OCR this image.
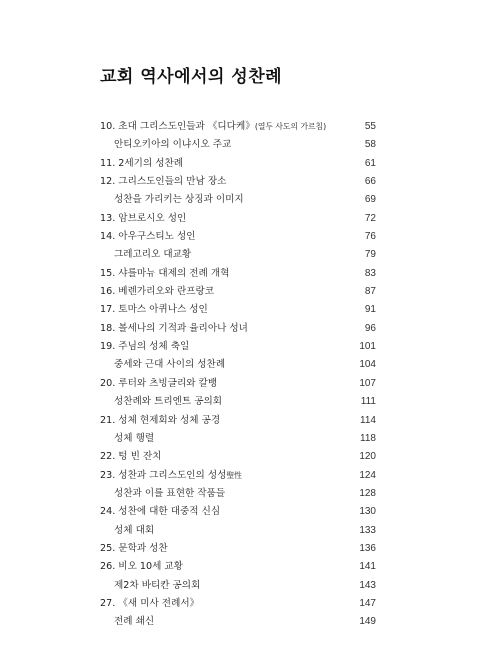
교회 역사에서의 성찬례
10. 초대 그리스도인들과 《디다케》(열두 사도의 가르침)	55
안티오키아의 이냐시오 주교	58
11. 2세기의 성찬례	61
12. 그리스도인들의 만남 장소	66
성찬을 가리키는 상징과 이미지	69
13. 암브로시오 성인	72
14. 아우구스티노 성인	76
그레고리오 대교황	79
15. 샤를마뉴 대제의 전례 개혁	83
16. 베렌가리오와 란프랑코	87
17. 토마스 아퀴나스 성인	91
18. 볼세나의 기적과 율리아나 성녀	96
19. 주님의 성체 축일	101
중세와 근대 사이의 성찬례	104
20. 루터와 츠빙글리와 칼뱅	107
성찬례와 트리엔트 공의회	111
21. 성체 현제회와 성체 공경	114
성체 행렬	118
22. 텅 빈 잔치	120
23. 성찬과 그리스도인의 성성聖性	124
성찬과 이를 표현한 작품들	128
24. 성찬에 대한 대중적 신심	130
성체 대회	133
25. 문학과 성찬	136
26. 비오 10세 교황	141
제2차 바티칸 공의회	143
27. 《새 미사 전례서》	147
전례 쇄신	149
